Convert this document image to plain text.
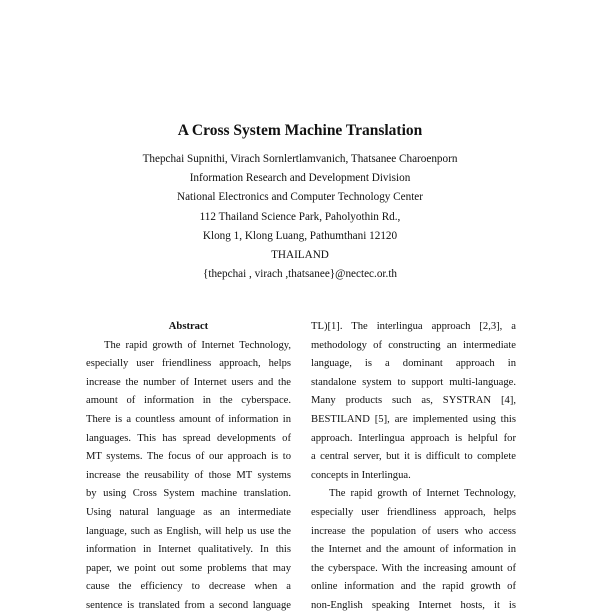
A Cross System Machine Translation
Thepchai Supnithi, Virach Sornlertlamvanich, Thatsanee Charoenporn
Information Research and Development Division
National Electronics and Computer Technology Center
112 Thailand Science Park, Paholyothin Rd.,
Klong 1, Klong Luang, Pathumthani 12120
THAILAND
{thepchai , virach ,thatsanee}@nectec.or.th
Abstract
The rapid growth of Internet Technology,
especially user friendliness approach, helps
increase the number of Internet users and the
amount of information in the cyberspace.
There is a countless amount of information in
languages. This has spread developments of
MT systems. The focus of our approach is to
increase the reusability of those MT systems
by using Cross System machine translation.
Using natural language as an intermediate
language, such as English, will help us use the
information in Internet qualitatively. In this
paper, we point out some problems that may
cause the efficiency to decrease when a
sentence is translated from a second language
TL)[1]. The interlingua approach [2,3], a
methodology of constructing an intermediate
language, is a dominant approach in
standalone system to support multi-language.
Many products such as, SYSTRAN [4],
BESTILAND [5], are implemented using this
approach. Interlingua approach is helpful for
a central server, but it is difficult to complete
concepts in Interlingua.
The rapid growth of Internet Technology,
especially user friendliness approach, helps
increase the population of users who access
the Internet and the amount of information in
the cyberspace. With the increasing amount of
online information and the rapid growth of
non-English speaking Internet hosts, it is
